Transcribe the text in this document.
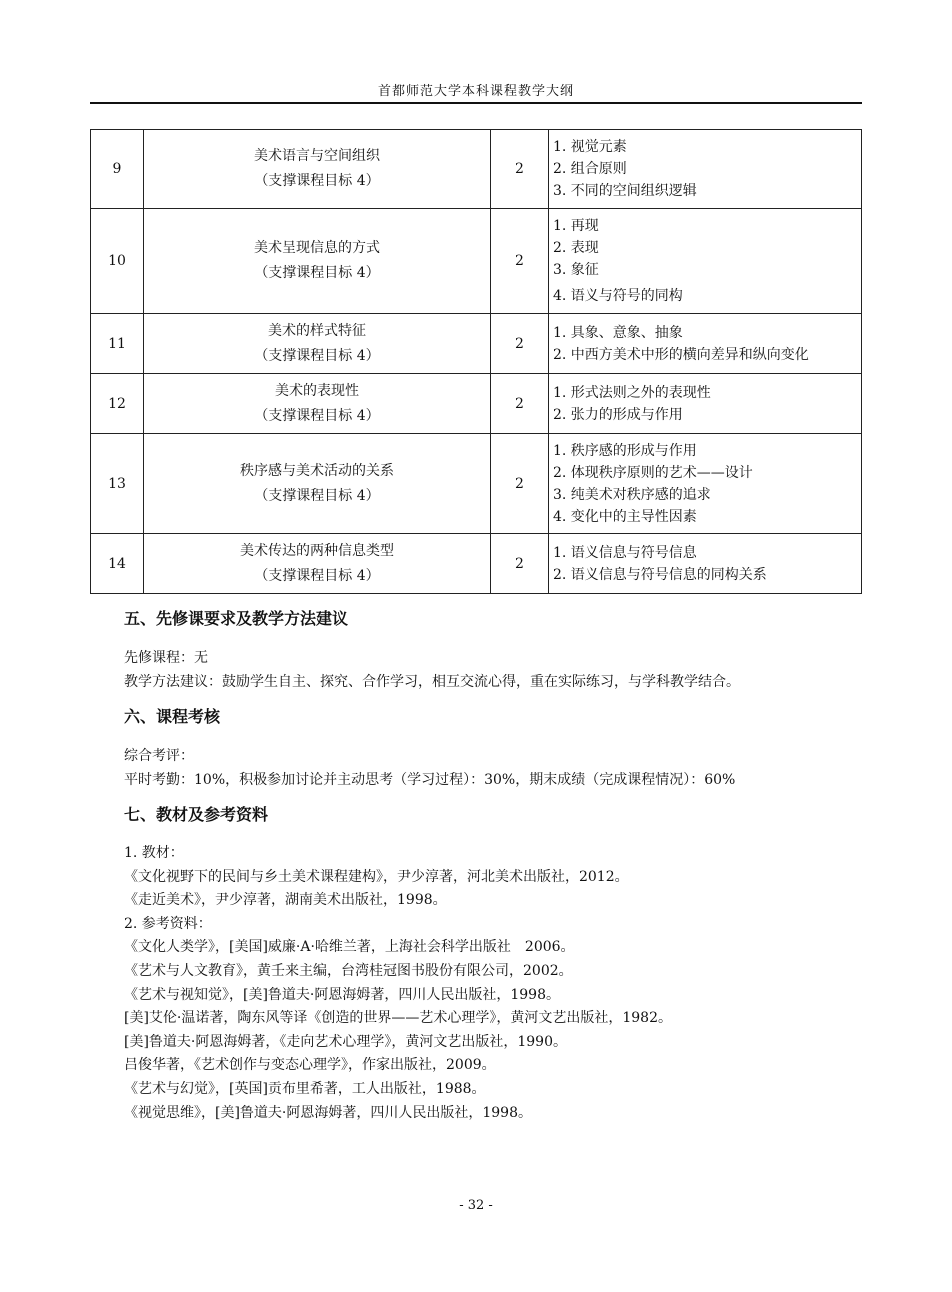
首都师范大学本科课程教学大纲
9	美术语言与空间组织
（支撑课程目标 4）	2	1. 视觉元素
2. 组合原则
3. 不同的空间组织逻辑

10	美术呈现信息的方式
（支撑课程目标 4）	2	1. 再现
2. 表现
3. 象征
4. 语义与符号的同构

11	美术的样式特征
（支撑课程目标 4）	2	1. 具象、意象、抽象
2. 中西方美术中形的横向差异和纵向变化

12	美术的表现性
（支撑课程目标 4）	2	1. 形式法则之外的表现性
2. 张力的形成与作用

13	秩序感与美术活动的关系
（支撑课程目标 4）	2	1. 秩序感的形成与作用
2. 体现秩序原则的艺术——设计
3. 纯美术对秩序感的追求
4. 变化中的主导性因素

14	美术传达的两种信息类型
（支撑课程目标 4）	2	1. 语义信息与符号信息
2. 语义信息与符号信息的同构关系
五、先修课要求及教学方法建议
先修课程：无
教学方法建议：鼓励学生自主、探究、合作学习，相互交流心得，重在实际练习，与学科教学结合。
六、课程考核
综合考评：
平时考勤：10%，积极参加讨论并主动思考（学习过程）：30%，期末成绩（完成课程情况）：60%
七、教材及参考资料
1. 教材：
《文化视野下的民间与乡土美术课程建构》，尹少淳著，河北美术出版社，2012。
《走近美术》，尹少淳著，湖南美术出版社，1998。
2. 参考资料：
《文化人类学》，[美国]威廉·A·哈维兰著，上海社会科学出版社　2006。
《艺术与人文教育》，黄壬来主编，台湾桂冠图书股份有限公司，2002。
《艺术与视知觉》，[美]鲁道夫·阿恩海姆著，四川人民出版社，1998。
[美]艾伦·温诺著，陶东风等译《创造的世界——艺术心理学》，黄河文艺出版社，1982。
[美]鲁道夫·阿恩海姆著，《走向艺术心理学》，黄河文艺出版社，1990。
吕俊华著，《艺术创作与变态心理学》，作家出版社，2009。
《艺术与幻觉》，[英国]贡布里希著，工人出版社，1988。
《视觉思维》，[美]鲁道夫·阿恩海姆著，四川人民出版社，1998。
- 32 -
